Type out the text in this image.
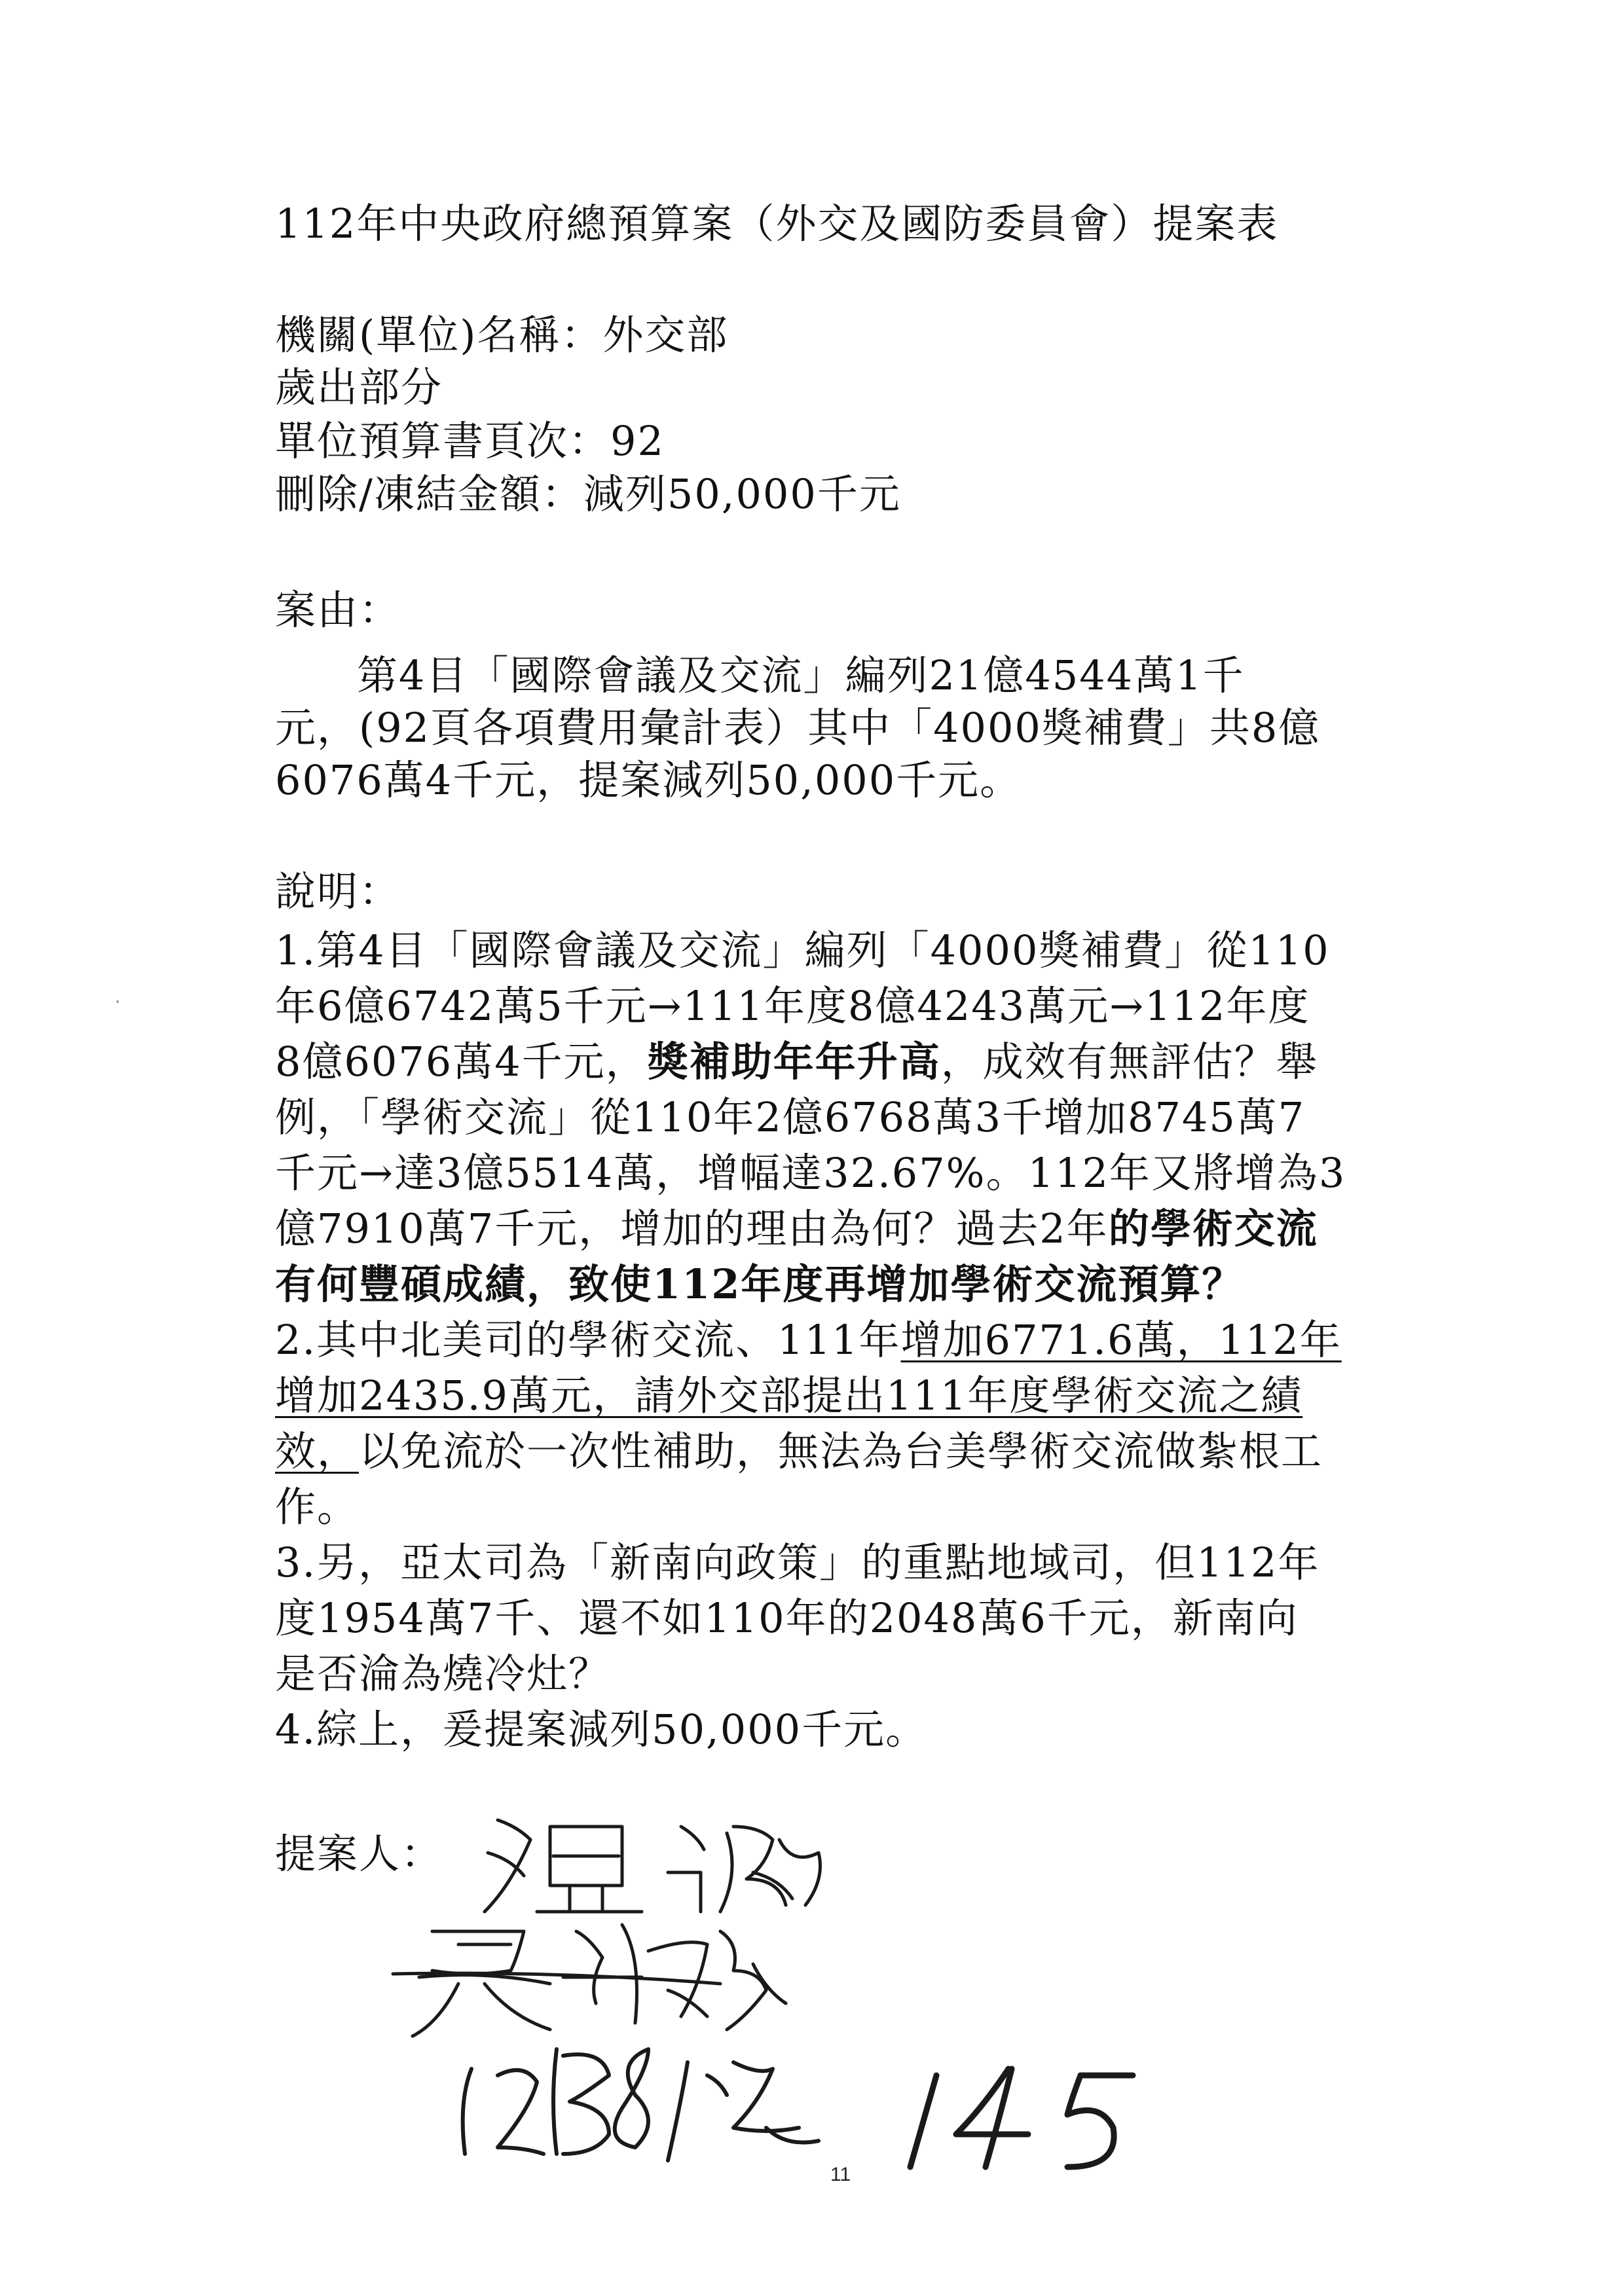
112年中央政府總預算案（外交及國防委員會）提案表
機關(單位)名稱：外交部
歲出部分
單位預算書頁次：92
刪除/凍結金額：減列50,000千元
案由：
第4目「國際會議及交流」編列21億4544萬1千
元，(92頁各項費用彙計表）其中「4000獎補費」共8億
6076萬4千元，提案減列50,000千元。
說明：
1.第4目「國際會議及交流」編列「4000獎補費」從110
年6億6742萬5千元→111年度8億4243萬元→112年度
8億6076萬4千元，獎補助年年升高，成效有無評估？舉
例，「學術交流」從110年2億6768萬3千增加8745萬7
千元→達3億5514萬，增幅達32.67%。112年又將增為3
億7910萬7千元，增加的理由為何？過去2年的學術交流
有何豐碩成績，致使112年度再增加學術交流預算？
2.其中北美司的學術交流、111年增加6771.6萬，112年
增加2435.9萬元，請外交部提出111年度學術交流之績
效，以免流於一次性補助，無法為台美學術交流做紮根工
作。
3.另，亞太司為「新南向政策」的重點地域司，但112年
度1954萬7千、還不如110年的2048萬6千元，新南向
是否淪為燒冷灶？
4.綜上，爰提案減列50,000千元。
提案人：
11
